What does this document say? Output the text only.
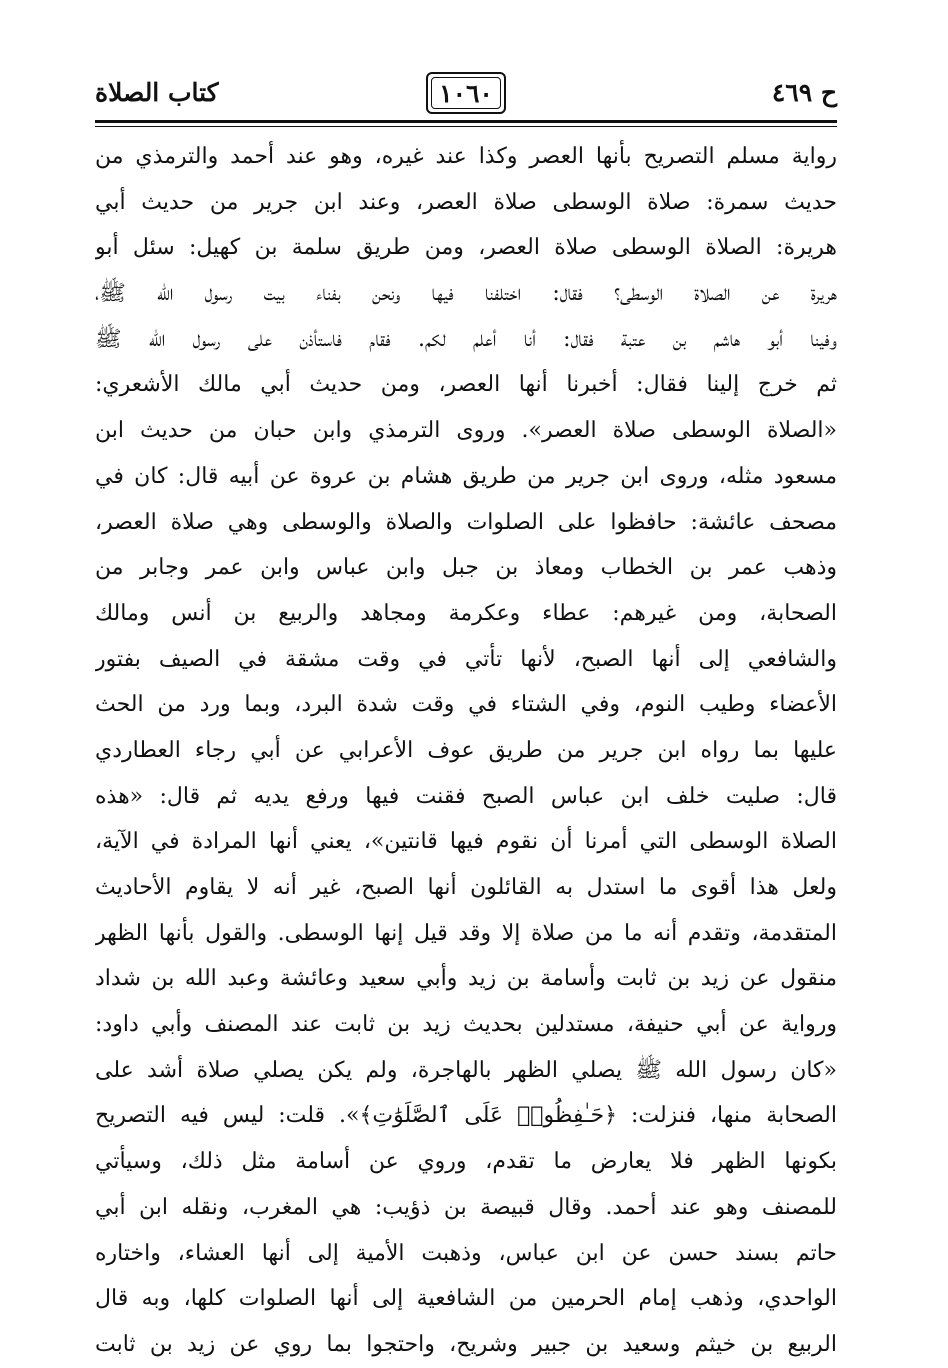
ح ٤٦٩
١٠٦٠
كتاب الصلاة
رواية مسلم التصريح بأنها العصر وكذا عند غيره، وهو عند أحمد والترمذي من
حديث سمرة: صلاة الوسطى صلاة العصر، وعند ابن جرير من حديث أبي
هريرة: الصلاة الوسطى صلاة العصر، ومن طريق سلمة بن كهيل: سئل أبو
هريرة عن الصلاة الوسطى؟ فقال: اختلفنا فيها ونحن بفناء بيت رسول الله ﷺ،
وفينا أبو هاشم بن عتبة فقال: أنا أعلم لكم. فقام فاستأذن على رسول الله ﷺ
ثم خرج إلينا فقال: أخبرنا أنها العصر، ومن حديث أبي مالك الأشعري:
«الصلاة الوسطى صلاة العصر». وروى الترمذي وابن حبان من حديث ابن
مسعود مثله، وروى ابن جرير من طريق هشام بن عروة عن أبيه قال: كان في
مصحف عائشة: حافظوا على الصلوات والصلاة والوسطى وهي صلاة العصر،
وذهب عمر بن الخطاب ومعاذ بن جبل وابن عباس وابن عمر وجابر من
الصحابة، ومن غيرهم: عطاء وعكرمة ومجاهد والربيع بن أنس ومالك
والشافعي إلى أنها الصبح، لأنها تأتي في وقت مشقة في الصيف بفتور
الأعضاء وطيب النوم، وفي الشتاء في وقت شدة البرد، وبما ورد من الحث
عليها بما رواه ابن جرير من طريق عوف الأعرابي عن أبي رجاء العطاردي
قال: صليت خلف ابن عباس الصبح فقنت فيها ورفع يديه ثم قال: «هذه
الصلاة الوسطى التي أمرنا أن نقوم فيها قانتين»، يعني أنها المرادة في الآية،
ولعل هذا أقوى ما استدل به القائلون أنها الصبح، غير أنه لا يقاوم الأحاديث
المتقدمة، وتقدم أنه ما من صلاة إلا وقد قيل إنها الوسطى. والقول بأنها الظهر
منقول عن زيد بن ثابت وأسامة بن زيد وأبي سعيد وعائشة وعبد الله بن شداد
ورواية عن أبي حنيفة، مستدلين بحديث زيد بن ثابت عند المصنف وأبي داود:
«كان رسول الله ﷺ يصلي الظهر بالهاجرة، ولم يكن يصلي صلاة أشد على
الصحابة منها، فنزلت: ﴿حَـٰفِظُوا۟ عَلَى ٱلصَّلَوَٰتِ﴾». قلت: ليس فيه التصريح
بكونها الظهر فلا يعارض ما تقدم، وروي عن أسامة مثل ذلك، وسيأتي
للمصنف وهو عند أحمد. وقال قبيصة بن ذؤيب: هي المغرب، ونقله ابن أبي
حاتم بسند حسن عن ابن عباس، وذهبت الأمية إلى أنها العشاء، واختاره
الواحدي، وذهب إمام الحرمين من الشافعية إلى أنها الصلوات كلها، وبه قال
الربيع بن خيثم وسعيد بن جبير وشريح، واحتجوا بما روي عن زيد بن ثابت
